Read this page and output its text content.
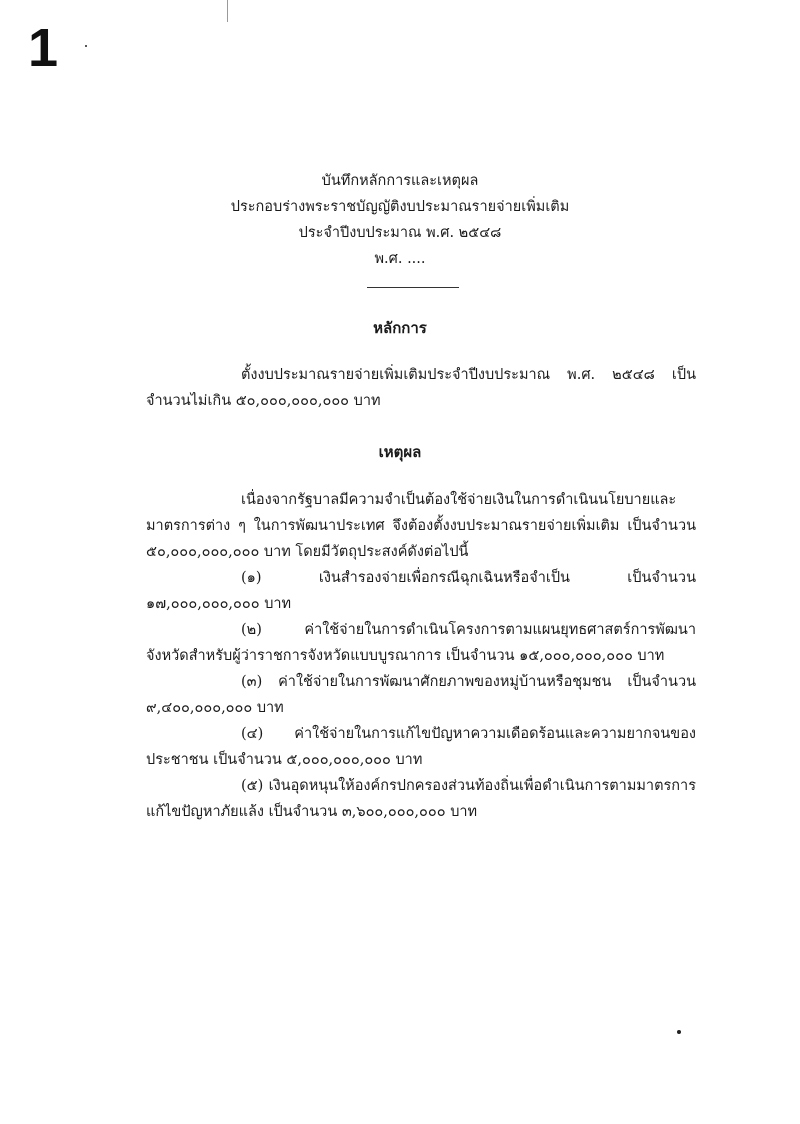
1
บันทึกหลักการและเหตุผล
ประกอบร่างพระราชบัญญัติงบประมาณรายจ่ายเพิ่มเติม
ประจำปีงบประมาณ พ.ศ. ๒๕๔๘
พ.ศ. ....
หลักการ
ตั้งงบประมาณรายจ่ายเพิ่มเติมประจำปีงบประมาณ พ.ศ. ๒๕๔๘ เป็นจำนวนไม่เกิน ๕๐,๐๐๐,๐๐๐,๐๐๐ บาท
เหตุผล
เนื่องจากรัฐบาลมีความจำเป็นต้องใช้จ่ายเงินในการดำเนินนโยบายและมาตรการต่าง ๆ ในการพัฒนาประเทศ จึงต้องตั้งงบประมาณรายจ่ายเพิ่มเติม เป็นจำนวน ๕๐,๐๐๐,๐๐๐,๐๐๐ บาท โดยมีวัตถุประสงค์ดังต่อไปนี้

(๑) เงินสำรองจ่ายเพื่อกรณีฉุกเฉินหรือจำเป็น เป็นจำนวน ๑๗,๐๐๐,๐๐๐,๐๐๐ บาท

(๒) ค่าใช้จ่ายในการดำเนินโครงการตามแผนยุทธศาสตร์การพัฒนาจังหวัดสำหรับผู้ว่าราชการจังหวัดแบบบูรณาการ เป็นจำนวน ๑๕,๐๐๐,๐๐๐,๐๐๐ บาท

(๓) ค่าใช้จ่ายในการพัฒนาศักยภาพของหมู่บ้านหรือชุมชน เป็นจำนวน ๙,๔๐๐,๐๐๐,๐๐๐ บาท

(๔) ค่าใช้จ่ายในการแก้ไขปัญหาความเดือดร้อนและความยากจนของประชาชน เป็นจำนวน ๕,๐๐๐,๐๐๐,๐๐๐ บาท

(๕) เงินอุดหนุนให้องค์กรปกครองส่วนท้องถิ่นเพื่อดำเนินการตามมาตรการแก้ไขปัญหาภัยแล้ง เป็นจำนวน ๓,๖๐๐,๐๐๐,๐๐๐ บาท
